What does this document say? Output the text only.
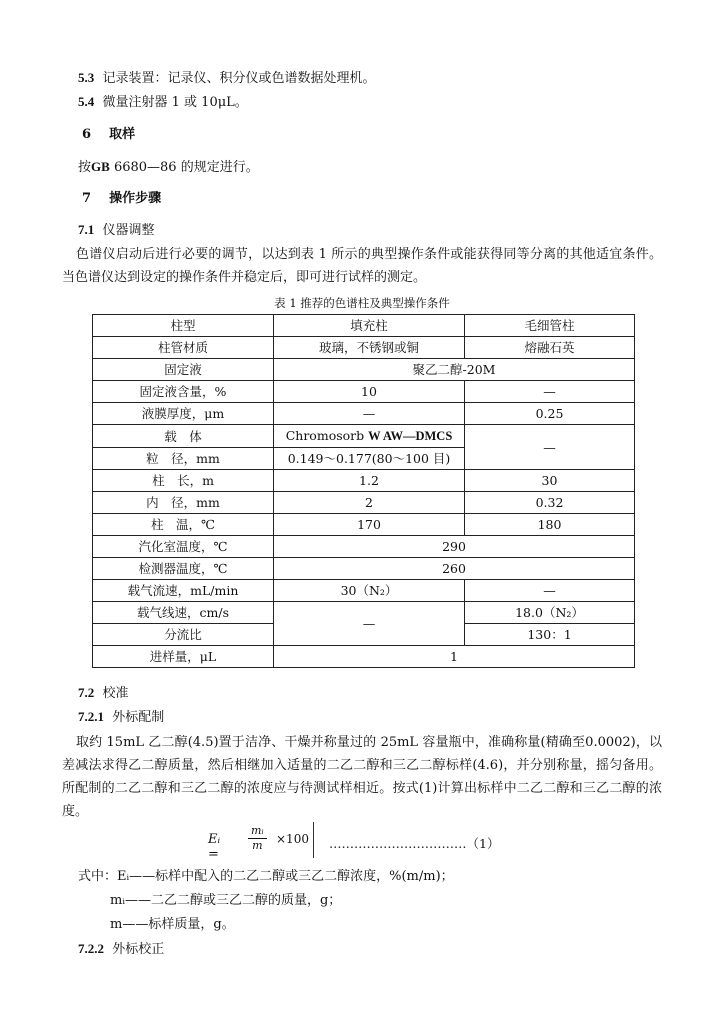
5.3 记录装置：记录仪、积分仪或色谱数据处理机。
5.4 微量注射器 1 或 10μL。
6 取样
按GB 6680—86 的规定进行。
7 操作步骤
7.1 仪器调整
色谱仪启动后进行必要的调节，以达到表 1 所示的典型操作条件或能获得同等分离的其他适宜条件。当色谱仪达到设定的操作条件并稳定后，即可进行试样的测定。
表 1 推荐的色谱柱及典型操作条件
柱型	填充柱	毛细管柱
柱管材质	玻璃，不锈钢或铜	熔融石英
固定液	聚乙二醇-20M	
固定液含量，%	10	—
液膜厚度，μm	—	0.25
载　体	Chromosorb W AW—DMCS	—
粒　径，mm	0.149～0.177(80～100 目)	
柱　长，m	1.2	30
内　径，mm	2	0.32
柱　温，℃	170	180
汽化室温度，℃	290	
检测器温度，℃	260	
载气流速，mL/min	30（N₂）	—
载气线速，cm/s	—	18.0（N₂）
分流比		130：1
进样量，μL	1	
7.2 校准
7.2.1 外标配制
取约 15mL 乙二醇(4.5)置于洁净、干燥并称量过的 25mL 容量瓶中，准确称量(精确至0.0002)，以差减法求得乙二醇质量，然后相继加入适量的二乙二醇和三乙二醇标样(4.6)，并分别称量，摇匀备用。所配制的二乙二醇和三乙二醇的浓度应与待测试样相近。按式(1)计算出标样中二乙二醇和三乙二醇的浓度。
Eᵢ =
$\frac{\text{mᵢ}}{m} \times 100$ ……………………………（1）
式中：Eᵢ——标样中配入的二乙二醇或三乙二醇浓度，%(m/m)；
mᵢ——二乙二醇或三乙二醇的质量，g；
m——标样质量，g。
7.2.2 外标校正
